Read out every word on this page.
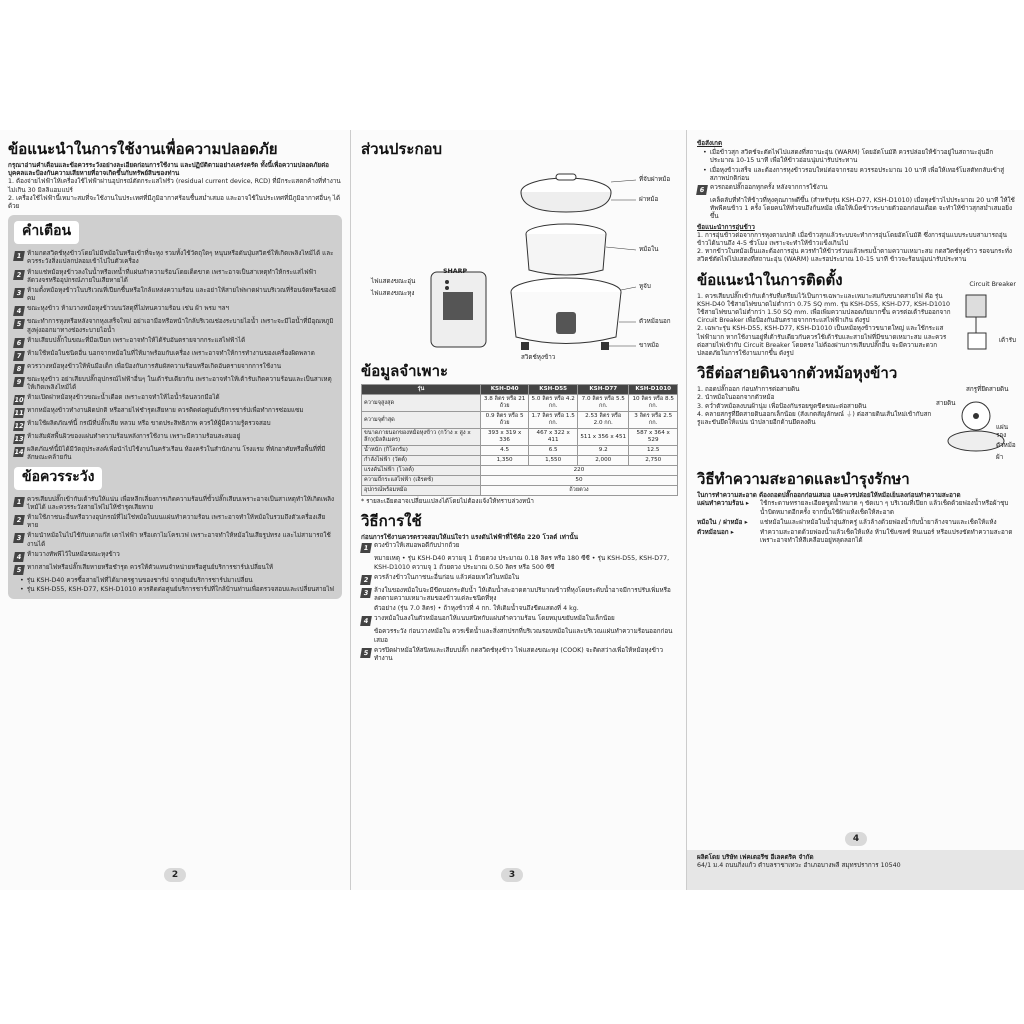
ข้อแนะนำในการใช้งานเพื่อความปลอดภัย
กรุณาอ่านคำเตือนและข้อควรระวังอย่างละเอียดก่อนการใช้งาน และปฏิบัติตามอย่างเคร่งครัด ทั้งนี้เพื่อความปลอดภัยต่อบุคคลและป้องกันความเสียหายที่อาจเกิดขึ้นกับทรัพย์สินของท่าน
1. ต้องจ่ายไฟฟ้าให้เครื่องใช้ไฟฟ้าผ่านอุปกรณ์ตัดกระแสไฟรั่ว (residual current device, RCD) ที่มีกระแสตกค้างที่ทำงานไม่เกิน 30 มิลลิแอมแปร์
2. เครื่องใช้ไฟฟ้านี้เหมาะสมที่จะใช้งานในประเทศที่มีภูมิอากาศร้อนชื้นสม่ำเสมอ และอาจใช้ในประเทศที่มีภูมิอากาศอื่นๆ ได้ด้วย
คำเตือน
1 ห้ามกดสวิตช์หุงข้าวโดยไม่มีหม้อในหรือเข้าที่จะหุง รวมทั้งใช้วัตถุใดๆ หนุนหรือดันปุ่มสวิตช์ให้เกิดเพลิงไหม้ได้ และควรระวังสิ่งแปลกปลอมเข้าไปในตัวเครื่อง
2 ห้ามแช่หม้อหุงข้าวลงในน้ำหรือเทน้ำที่แผ่นทำความร้อนโดยเด็ดขาด เพราะอาจเป็นสาเหตุทำให้กระแสไฟฟ้าลัดวงจรหรืออุปกรณ์ภายในเสียหายได้
3 ห้ามตั้งหม้อหุงข้าวในบริเวณที่เปียกชื้นหรือใกล้แหล่งความร้อน และอย่าให้สายไฟพาดผ่านบริเวณที่ร้อนจัดหรือของมีคม
4 ขณะหุงข้าว ห้ามวางหม้อหุงข้าวบนวัสดุที่ไม่ทนความร้อน เช่น ผ้า พรม ฯลฯ
5 ขณะทำการหุงหรือหลังจากหุงเสร็จใหม่ อย่าเอามือหรือหน้าใกล้บริเวณช่องระบายไอน้ำ เพราะจะมีไอน้ำที่มีอุณหภูมิสูงพุ่งออกมาทางช่องระบายไอน้ำ
6 ห้ามเสียบปลั๊กในขณะที่มือเปียก เพราะอาจทำให้ได้รับอันตรายจากกระแสไฟฟ้าได้
7 ห้ามใช้หม้อในชนิดอื่น นอกจากหม้อในที่ให้มาพร้อมกับเครื่อง เพราะอาจทำให้การทำงานของเครื่องผิดพลาด
8 ควรวางหม้อหุงข้าวให้พ้นมือเด็ก เพื่อป้องกันการสัมผัสความร้อนหรือเกิดอันตรายจากการใช้งาน
9 ขณะหุงข้าว อย่าเสียบปลั๊กอุปกรณ์ไฟฟ้าอื่นๆ ในเต้ารับเดียวกัน เพราะอาจทำให้เต้ารับเกิดความร้อนและเป็นสาเหตุให้เกิดเพลิงไหม้ได้
10 ห้ามเปิดฝาหม้อหุงข้าวขณะน้ำเดือด เพราะอาจทำให้ไอน้ำร้อนลวกมือได้
11 หากหม้อหุงข้าวทำงานผิดปกติ หรือสายไฟชำรุดเสียหาย ควรติดต่อศูนย์บริการชาร์ปเพื่อทำการซ่อมแซม
12 ห้ามใช้ผลิตภัณฑ์นี้ กรณีที่ปลั๊กเสีย หลวม หรือ ขาดประสิทธิภาพ ควรให้ผู้มีความรู้ตรวจสอบ
13 ห้ามสัมผัสพื้นผิวของแผ่นทำความร้อนหลังการใช้งาน เพราะมีความร้อนสะสมอยู่
14 ผลิตภัณฑ์นี้มิได้มีวัตถุประสงค์เพื่อนำไปใช้งานในครัวเรือน ห้องครัวในสำนักงาน โรงแรม ที่พักอาศัยหรือพื้นที่ที่มีลักษณะคล้ายกัน
ข้อควรระวัง
1 ควรเสียบปลั๊กเข้ากับเต้ารับให้แน่น เพื่อหลีกเลี่ยงการเกิดความร้อนที่ขั้วปลั๊กเสียบเพราะอาจเป็นสาเหตุทำให้เกิดเพลิงไหม้ได้ และควรระวังสายไฟไม่ให้ชำรุดเสียหาย
2 ห้ามใช้ภาชนะอื่นหรือวางอุปกรณ์ที่ไม่ใช่หม้อในบนแผ่นทำความร้อน เพราะอาจทำให้หม้อในรวมถึงตัวเครื่องเสียหาย
3 ห้ามนำหม้อในไปใช้กับเตาแก๊ส เตาไฟฟ้า หรือเตาไมโครเวฟ เพราะอาจทำให้หม้อในเสียรูปทรง และไม่สามารถใช้งานได้
4 ห้ามวางทัพพีไว้ในหม้อขณะหุงข้าว
5 หากสายไฟหรือปลั๊กเสียหายหรือชำรุด ควรให้ตัวแทนจำหน่ายหรือศูนย์บริการชาร์ปเปลี่ยนให้
• รุ่น KSH-D40 ควรซื้อสายไฟที่ได้มาตรฐานของชาร์ป จากศูนย์บริการชาร์ปมาเปลี่ยน
• รุ่น KSH-D55, KSH-D77, KSH-D1010 ควรติดต่อศูนย์บริการชาร์ปที่ใกล้บ้านท่านเพื่อตรวจสอบและเปลี่ยนสายไฟ
2
ส่วนประกอบ
ที่จับฝาหม้อ
ฝาหม้อ
หม้อใน
หูจับ
ตัวหม้อนอก
ขาหม้อ
ไฟแสดงขณะอุ่น
ไฟแสดงขณะหุง
สวิตช์หุงข้าว
SHARP
ข้อมูลจำเพาะ
รุ่น	KSH-D40	KSH-D55	KSH-D77	KSH-D1010
ความจุสูงสุด	3.8 ลิตร หรือ 21 ถ้วย	5.0 ลิตร หรือ 4.2 กก.	7.0 ลิตร หรือ 5.5 กก.	10 ลิตร หรือ 8.5 กก.
ความจุต่ำสุด	0.9 ลิตร หรือ 5 ถ้วย	1.7 ลิตร หรือ 1.5 กก.	2.53 ลิตร หรือ 2.0 กก.	3 ลิตร หรือ 2.5 กก.
ขนาดภายนอกของหม้อหุงข้าว (กว้าง x สูง x ลึก)(มิลลิเมตร)	393 x 319 x 336	467 x 322 x 411	511 x 356 x 451	587 x 364 x 529
น้ำหนัก (กิโลกรัม)	4.5	6.5	9.2	12.5
กำลังไฟฟ้า (วัตต์)	1,350	1,550	2,000	2,750
แรงดันไฟฟ้า (โวลต์)	220			
ความถี่กระแสไฟฟ้า (เฮิรตซ์)	50			
อุปกรณ์พร้อมหม้อ	ถ้วยตวง			
* รายละเอียดอาจเปลี่ยนแปลงได้โดยไม่ต้องแจ้งให้ทราบล่วงหน้า
วิธีการใช้
ก่อนการใช้งานควรตรวจสอบให้แน่ใจว่า แรงดันไฟฟ้าที่ใช้คือ 220 โวลต์ เท่านั้น
1 ตวงข้าวให้เสมอพอดีกับปากถ้วย
หมายเหตุ • รุ่น KSH-D40 ความจุ 1 ถ้วยตวง ประมาณ 0.18 ลิตร หรือ 180 ซีซี • รุ่น KSH-D55, KSH-D77, KSH-D1010 ความจุ 1 ถ้วยตวง ประมาณ 0.50 ลิตร หรือ 500 ซีซี
2 ควรล้างข้าวในภาชนะอื่นก่อน แล้วค่อยเทใส่ในหม้อใน
3 ล้างในของหม้อในจะมีขีดบอกระดับน้ำ ให้เติมน้ำสะอาดตามปริมาณข้าวที่หุงโดยระดับน้ำอาจมีการปรับเพิ่มหรือลดตามความเหมาะสมของข้าวแต่ละชนิดที่หุง
ตัวอย่าง (รุ่น 7.0 ลิตร) • ถ้าหุงข้าวที่ 4 กก. ให้เติมน้ำจนถึงขีดแสดงที่ 4 kg.
4 วางหม้อในลงในตัวหม้อนอกให้แนบสนิทกับแผ่นทำความร้อน โดยหมุนขยับหม้อในเล็กน้อย
ข้อควรระวัง ก่อนวางหม้อใน ควรเช็ดน้ำและสิ่งสกปรกที่บริเวณรอบหม้อในและบริเวณแผ่นทำความร้อนออกก่อนเสมอ
5 ควรปิดฝาหม้อให้สนิทและเสียบปลั๊ก กดสวิตช์หุงข้าว ไฟแสดงขณะหุง (COOK) จะติดสว่างเพื่อให้หม้อหุงข้าวทำงาน
3
ข้อสังเกต
• เมื่อข้าวสุก สวิตช์จะตัดไฟไปแสดงที่สถานะอุ่น (WARM) โดยอัตโนมัติ ควรปล่อยให้ข้าวอยู่ในสถานะอุ่นอีกประมาณ 10-15 นาที เพื่อให้ข้าวอ่อนนุ่มน่ารับประทาน
• เมื่อหุงข้าวเสร็จ และต้องการหุงข้าวรอบใหม่ต่อจากรอบ ควรรอประมาณ 10 นาที เพื่อให้เทอร์โมสตัทกลับเข้าสู่สภาพปกติก่อน
6 ควรถอดปลั๊กออกทุกครั้ง หลังจากการใช้งาน
เคล็ดลับที่ทำให้ข้าวที่หุงคุณภาพดีขึ้น (สำหรับรุ่น KSH-D77, KSH-D1010) เมื่อหุงข้าวไปประมาณ 20 นาที ให้ใช้ทัพพีคนข้าว 1 ครั้ง โดยคนให้ทั่วจนถึงก้นหม้อ เพื่อให้เม็ดข้าวระบายตัวออกก่อนเดือด จะทำให้ข้าวสุกสม่ำเสมอยิ่งขึ้น
ข้อแนะนำการอุ่นข้าว
1. การอุ่นข้าวต่อจากการหุงตามปกติ เมื่อข้าวสุกแล้วระบบจะทำการอุ่นโดยอัตโนมัติ ซึ่งการอุ่นแบบระบบสามารถอุ่นข้าวได้นานถึง 4-5 ชั่วโมง เพราะจะทำให้ข้าวแข็งเกินไป
2. หากข้าวในหม้อเย็นและต้องการอุ่น ควรทำให้ข้าวร่วนแล้วพรมน้ำตามความเหมาะสม กดสวิตช์หุงข้าว รอจนกระทั่งสวิตช์ตัดไฟไปแสดงที่สถานะอุ่น (WARM) และรอประมาณ 10-15 นาที ข้าวจะร้อนนุ่มน่ารับประทาน
ข้อแนะนำในการติดตั้ง
1. ควรเสียบปลั๊กเข้ากับเต้ารับที่เตรียมไว้เป็นการเฉพาะและเหมาะสมกับขนาดสายไฟ คือ รุ่น KSH-D40 ใช้สายไฟขนาดไม่ต่ำกว่า 0.75 SQ mm. รุ่น KSH-D55, KSH-D77, KSH-D1010 ใช้สายไฟขนาดไม่ต่ำกว่า 1.50 SQ mm. เพื่อเพิ่มความปลอดภัยมากขึ้น ควรต่อเต้ารับออกจาก Circuit Breaker เพื่อป้องกันอันตรายจากกระแสไฟฟ้าเกิน ดังรูป
2. เฉพาะรุ่น KSH-D55, KSH-D77, KSH-D1010 เป็นหม้อหุงข้าวขนาดใหญ่ และใช้กระแสไฟฟ้ามาก หากใช้งานอยู่ที่เต้ารับเดียวกันควรใช้เต้ารับและสายไฟที่มีขนาดเหมาะสม และควรต่อสายไฟเข้ากับ Circuit Breaker โดยตรง ไม่ต้องผ่านการเสียบปลั๊กอื่น จะมีความสะดวกปลอดภัยในการใช้งานมากขึ้น ดังรูป
Circuit Breaker
เต้ารับ
วิธีต่อสายดินจากตัวหม้อหุงข้าว
1. ถอดปลั๊กออก ก่อนทำการต่อสายดิน
2. นำหม้อในออกจากตัวหม้อ
3. คว่ำตัวหม้อลงบนผ้านุ่ม เพื่อป้องกันรอยขูดขีดขณะต่อสายดิน
4. คลายสกรูที่ยึดสายดินออกเล็กน้อย (สังเกตสัญลักษณ์ ⏚) ต่อสายดินเส้นใหม่เข้ากับสกรูและขันยึดให้แน่น นำปลายอีกด้านยึดลงดิน
สกรูที่ยึดสายดิน
สายดิน
แผ่นรอง
ตัวหม้อ
ผ้า
วิธีทำความสะอาดและบำรุงรักษา
ในการทำความสะอาด ต้องถอดปลั๊กออกก่อนเสมอ และควรปล่อยให้หม้อเย็นลงก่อนทำความสะอาด
แผ่นทำความร้อน ▸	ใช้กระดาษทรายละเอียดขูดน้ำหมาด ๆ ขัดเบา ๆ บริเวณที่เปียก แล้วเช็ดด้วยฟองน้ำหรือผ้าชุบน้ำบิดหมาดอีกครั้ง จากนั้นใช้ผ้าแห้งเช็ดให้สะอาด
หม้อใน / ฝาหม้อ ▸	แช่หม้อในและฝาหม้อในน้ำอุ่นสักครู่ แล้วล้างด้วยฟองน้ำกับน้ำยาล้างจานและเช็ดให้แห้ง
ตัวหม้อนอก ▸	ทำความสะอาดด้วยฟองน้ำแล้วเช็ดให้แห้ง ห้ามใช้แซลซ์ ทินเนอร์ หรือแปรงขัดทำความสะอาด เพราะอาจทำให้สีเคลือบอยู่หลุดลอกได้
ผลิตโดย บริษัท เฟคเตอรีซ อีเลคตริค จำกัด
64/1 ม.4 ถนนกิ่งแก้ว ตำบลราชาเทวะ อำเภอบางพลี สมุทรปราการ 10540
4
